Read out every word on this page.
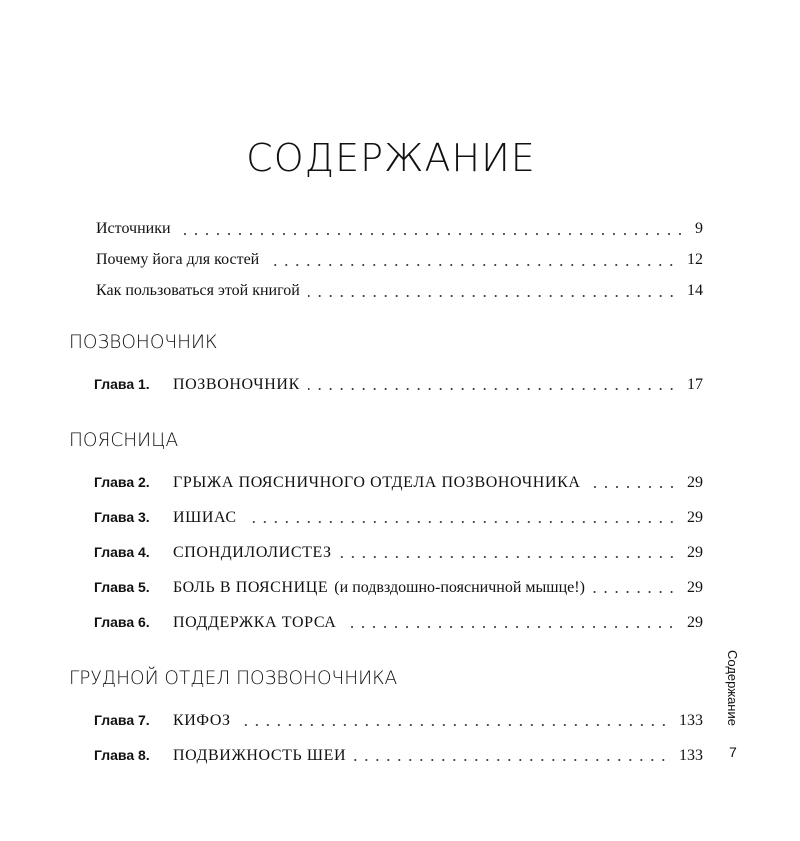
СОДЕРЖАНИЕ
Источники	9
Почему йога для костей	12
Как пользоваться этой книгой	14
ПОЗВОНОЧНИК
Глава 1.	ПОЗВОНОЧНИК	17
ПОЯСНИЦА
Глава 2.	ГРЫЖА ПОЯСНИЧНОГО ОТДЕЛА ПОЗВОНОЧНИКА	29
Глава 3.	ИШИАС	29
Глава 4.	СПОНДИЛОЛИСТЕЗ	29
Глава 5.	БОЛЬ В ПОЯСНИЦЕ (и подвздошно-поясничной мышце!)	29
Глава 6.	ПОДДЕРЖКА ТОРСА	29
ГРУДНОЙ ОТДЕЛ ПОЗВОНОЧНИКА
Глава 7.	КИФОЗ	133
Глава 8.	ПОДВИЖНОСТЬ ШЕИ	133
Содержание
7
